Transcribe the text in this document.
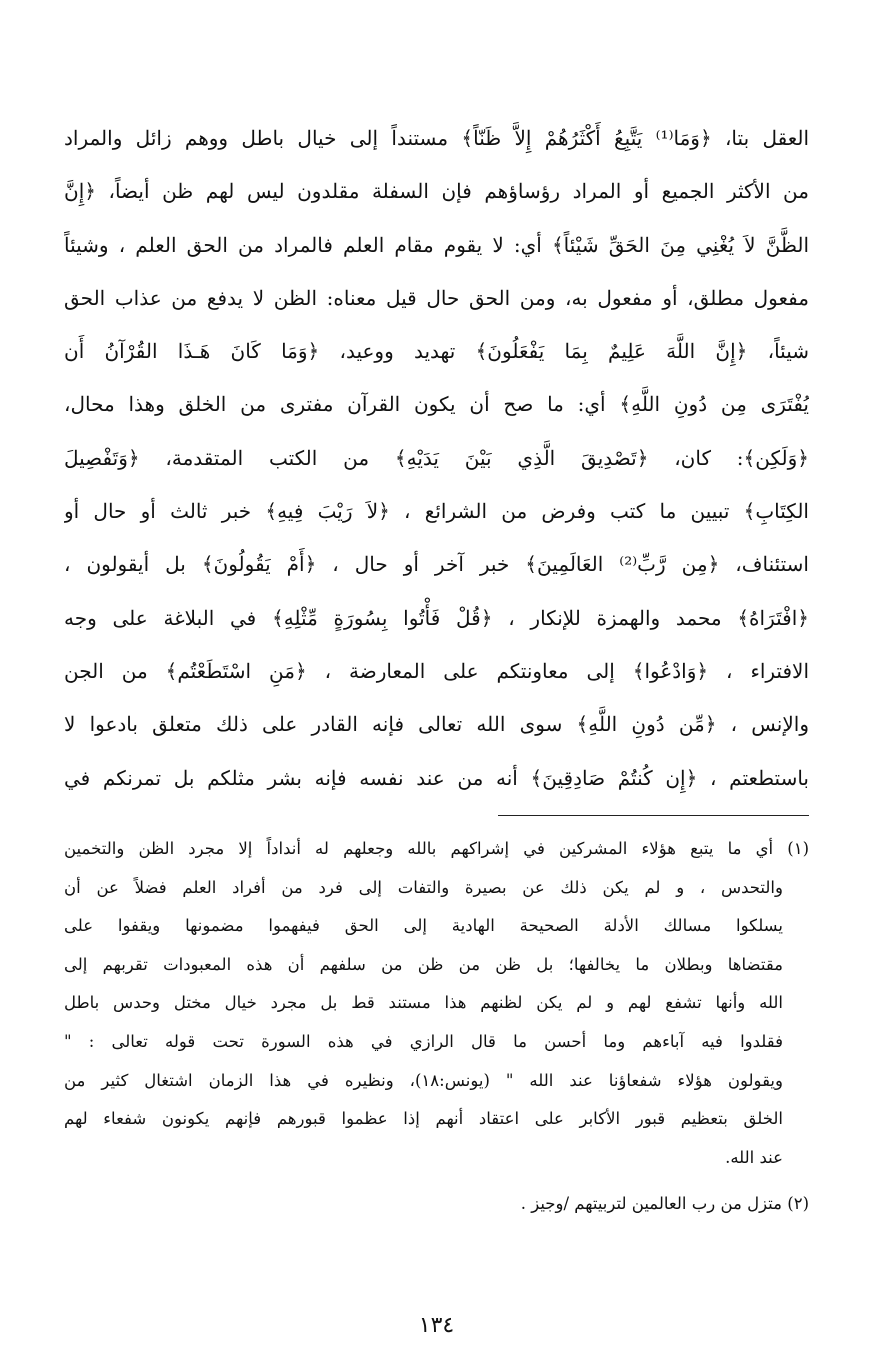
العقل بتا، ﴿وَمَا⁽¹⁾ يَتَّبِعُ أَكْثَرُهُمْ إِلاَّ ظَنّاً﴾ مستنداً إلى خيال باطل ووهم زائل والمراد
من الأكثر الجميع أو المراد رؤساؤهم فإن السفلة مقلدون ليس لهم ظن أيضاً، ﴿إِنَّ
الظَّنَّ لاَ يُغْنِي مِنَ الحَقِّ شَيْئاً﴾ أي: لا يقوم مقام العلم فالمراد من الحق العلم ، وشيئاً
مفعول مطلق، أو مفعول به، ومن الحق حال قيل معناه: الظن لا يدفع من عذاب الحق
شيئاً، ﴿إِنَّ اللَّهَ عَلِيمٌ بِمَا يَفْعَلُونَ﴾ تهديد ووعيد، ﴿وَمَا كَانَ هَـذَا القُرْآنُ أَن
يُفْتَرَى مِن دُونِ اللَّهِ﴾ أي: ما صح أن يكون القرآن مفترى من الخلق وهذا محال،
﴿وَلَكِن﴾: كان، ﴿تَصْدِيقَ الَّذِي بَيْنَ يَدَيْهِ﴾ من الكتب المتقدمة، ﴿وَتَفْصِيلَ
الكِتَابِ﴾ تبيين ما كتب وفرض من الشرائع ، ﴿لاَ رَيْبَ فِيهِ﴾ خبر ثالث أو حال أو
استئناف، ﴿مِن رَّبِّ⁽²⁾ العَالَمِينَ﴾ خبر آخر أو حال ، ﴿أَمْ يَقُولُونَ﴾ بل أيقولون ،
﴿افْتَرَاهُ﴾ محمد والهمزة للإنكار ، ﴿قُلْ فَأْتُوا بِسُورَةٍ مِّثْلِهِ﴾ في البلاغة على وجه
الافتراء ، ﴿وَادْعُوا﴾ إلى معاونتكم على المعارضة ، ﴿مَنِ اسْتَطَعْتُم﴾ من الجن
والإنس ، ﴿مِّن دُونِ اللَّهِ﴾ سوى الله تعالى فإنه القادر على ذلك متعلق بادعوا لا
باستطعتم ، ﴿إِن كُنتُمْ صَادِقِينَ﴾ أنه من عند نفسه فإنه بشر مثلكم بل تمرنكم في
(١) أي ما يتبع هؤلاء المشركين في إشراكهم بالله وجعلهم له أنداداً إلا مجرد الظن والتخمين
والتحدس ، و لم يكن ذلك عن بصيرة والتفات إلى فرد من أفراد العلم فضلاً عن أن
يسلكوا مسالك الأدلة الصحيحة الهادية إلى الحق فيفهموا مضمونها ويقفوا على
مقتضاها وبطلان ما يخالفها؛ بل ظن من ظن من سلفهم أن هذه المعبودات تقربهم إلى
الله وأنها تشفع لهم و لم يكن لظنهم هذا مستند قط بل مجرد خيال مختل وحدس باطل
فقلدوا فيه آباءهم وما أحسن ما قال الرازي في هذه السورة تحت قوله تعالى : "
ويقولون هؤلاء شفعاؤنا عند الله " (يونس:١٨)، ونظيره في هذا الزمان اشتغال كثير من
الخلق بتعظيم قبور الأكابر على اعتقاد أنهم إذا عظموا قبورهم فإنهم يكونون شفعاء لهم
عند الله.
(٢) متزل من رب العالمين لتربيتهم /وجيز .
١٣٤
